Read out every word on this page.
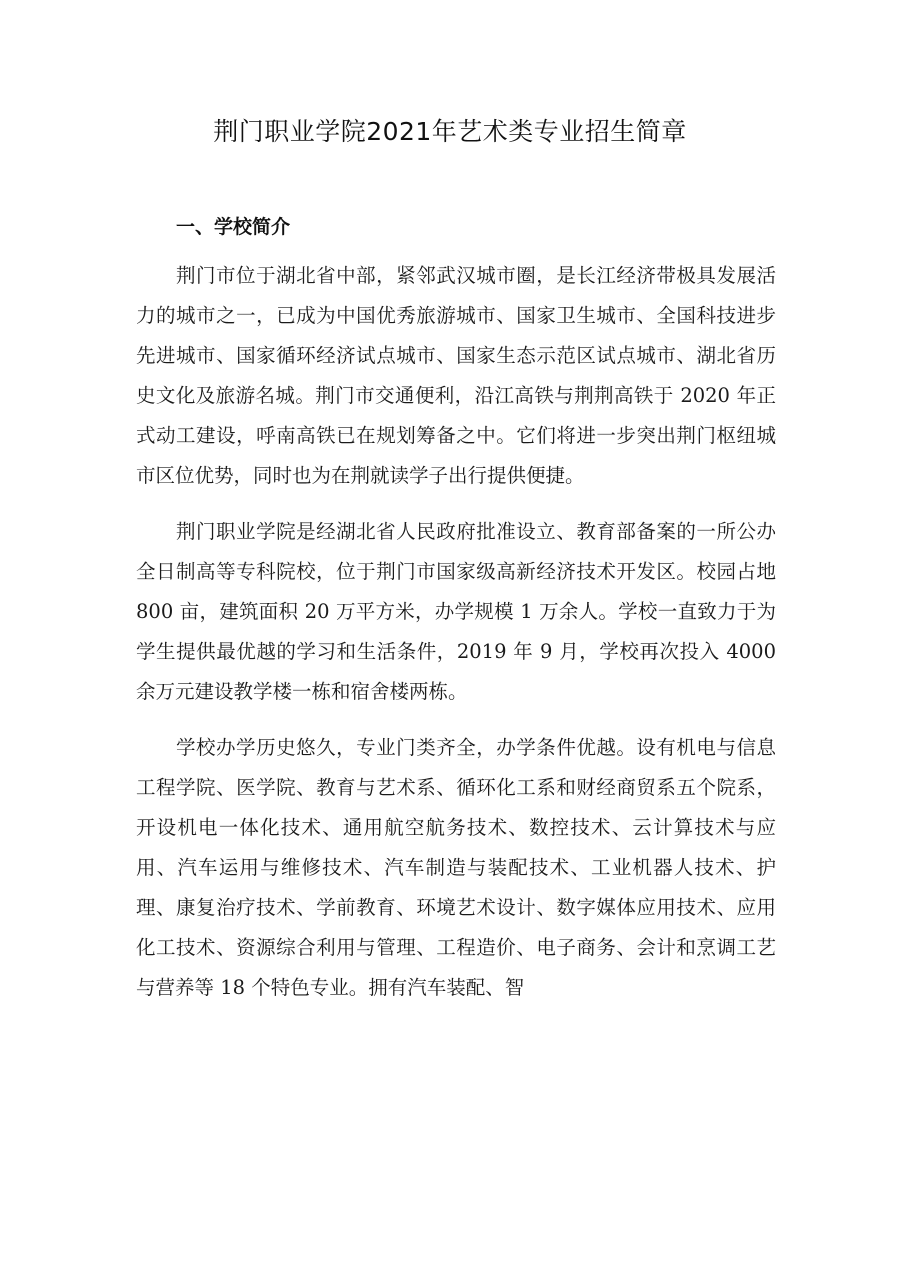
荆门职业学院2021年艺术类专业招生简章
一、学校简介

荆门市位于湖北省中部，紧邻武汉城市圈，是长江经济带极具发展活力的城市之一，已成为中国优秀旅游城市、国家卫生城市、全国科技进步先进城市、国家循环经济试点城市、国家生态示范区试点城市、湖北省历史文化及旅游名城。荆门市交通便利，沿江高铁与荆荆高铁于 2020 年正式动工建设，呼南高铁已在规划筹备之中。它们将进一步突出荆门枢纽城市区位优势，同时也为在荆就读学子出行提供便捷。

荆门职业学院是经湖北省人民政府批准设立、教育部备案的一所公办全日制高等专科院校，位于荆门市国家级高新经济技术开发区。校园占地 800 亩，建筑面积 20 万平方米，办学规模 1 万余人。学校一直致力于为学生提供最优越的学习和生活条件，2019 年 9 月，学校再次投入 4000 余万元建设教学楼一栋和宿舍楼两栋。

学校办学历史悠久，专业门类齐全，办学条件优越。设有机电与信息工程学院、医学院、教育与艺术系、循环化工系和财经商贸系五个院系，开设机电一体化技术、通用航空航务技术、数控技术、云计算技术与应用、汽车运用与维修技术、汽车制造与装配技术、工业机器人技术、护理、康复治疗技术、学前教育、环境艺术设计、数字媒体应用技术、应用化工技术、资源综合利用与管理、工程造价、电子商务、会计和烹调工艺与营养等 18 个特色专业。拥有汽车装配、智
